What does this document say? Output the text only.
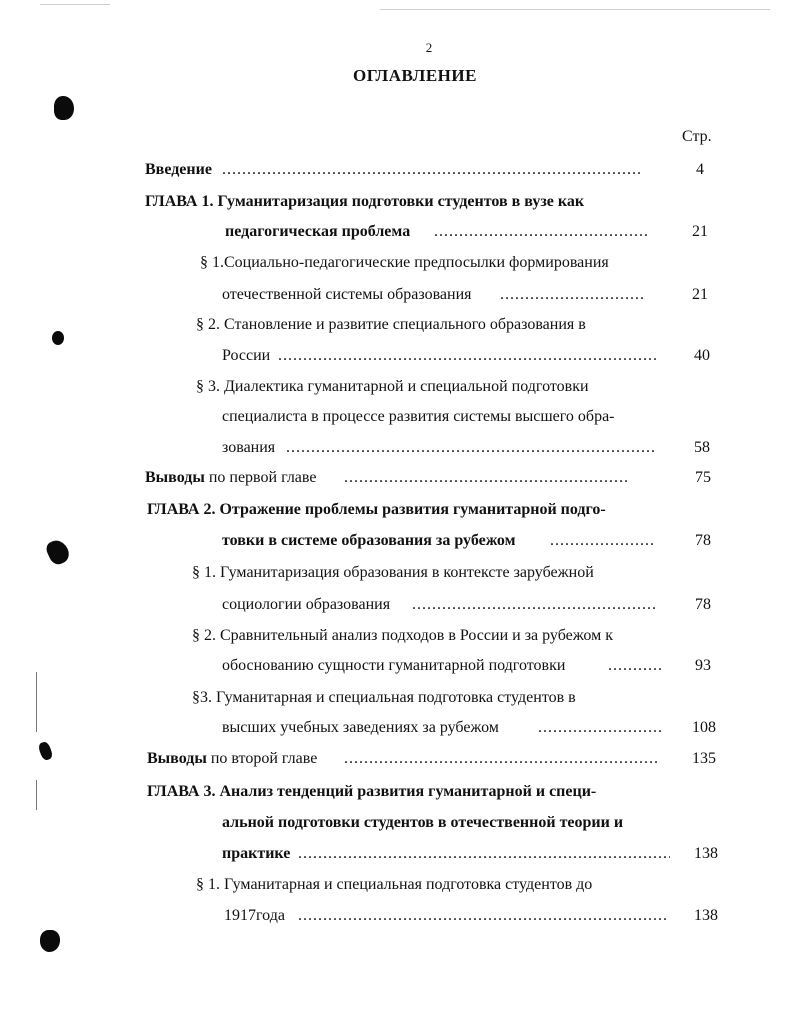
2
ОГЛАВЛЕНИЕ
Стр.
Введение .....	4
ГЛАВА 1. Гуманитаризация подготовки студентов в вузе как
педагогическая проблема .....	21
§ 1.Социально-педагогические предпосылки формирования
отечественной системы образования .....	21
§ 2. Становление и развитие специального образования в
России .....	40
§ 3. Диалектика гуманитарной и специальной подготовки
специалиста в процессе развития системы высшего обра-
зования .....	58
Выводы по первой главе .....	75
ГЛАВА 2. Отражение проблемы развития гуманитарной подго-
товки в системе образования за рубежом .....	78
§ 1. Гуманитаризация образования в контексте зарубежной
социологии образования .....	78
§ 2. Сравнительный анализ подходов в России и за рубежом к
обоснованию сущности гуманитарной подготовки .....	93
§3. Гуманитарная и специальная подготовка студентов в
высших учебных заведениях за рубежом .....	108
Выводы по второй главе .....	135
ГЛАВА 3. Анализ тенденций развития гуманитарной и специ-
альной подготовки студентов в отечественной теории и
практике .....	138
§ 1. Гуманитарная и специальная подготовка студентов до
1917года .....	138
